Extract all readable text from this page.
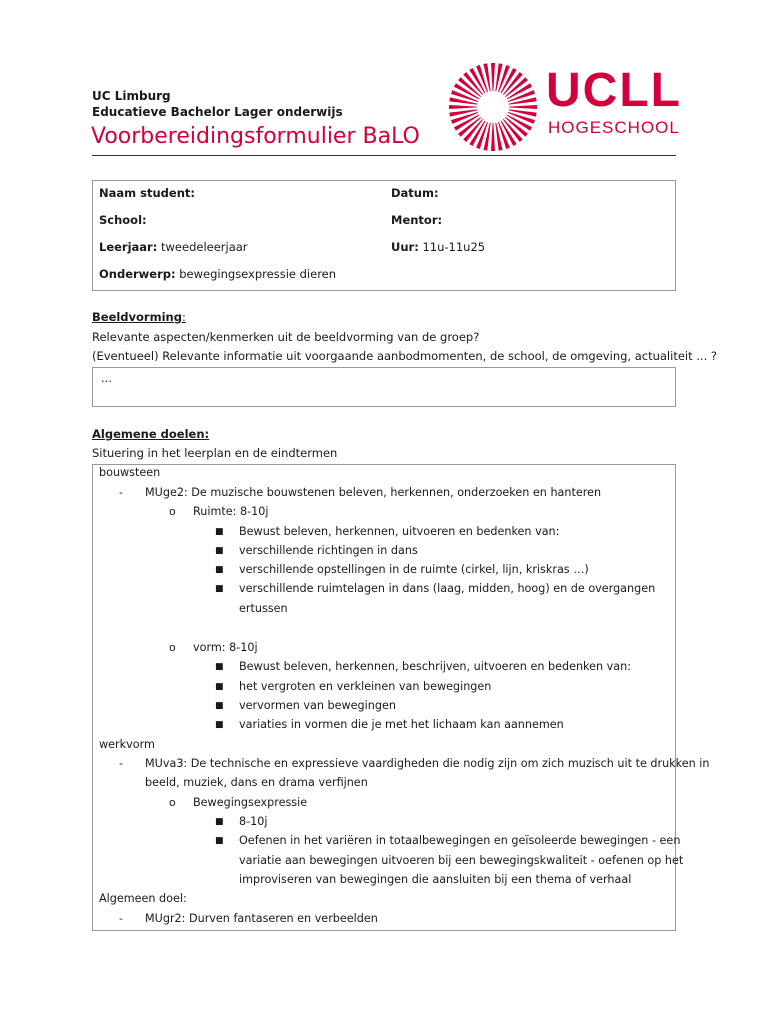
UC Limburg
Educatieve Bachelor Lager onderwijs
Voorbereidingsformulier BaLO
UCLL
HOGESCHOOL
Naam student:	Datum:
School:	Mentor:
Leerjaar: tweedeleerjaar	Uur: 11u-11u25
Onderwerp: bewegingsexpressie dieren
Beeldvorming:
Relevante aspecten/kenmerken uit de beeldvorming van de groep?
(Eventueel) Relevante informatie uit voorgaande aanbodmomenten, de school, de omgeving, actualiteit ... ?
...
Algemene doelen:
Situering in het leerplan en de eindtermen
bouwsteen
- MUge2: De muzische bouwstenen beleven, herkennen, onderzoeken en hanteren
o Ruimte: 8-10j
■ Bewust beleven, herkennen, uitvoeren en bedenken van:
■ verschillende richtingen in dans
■ verschillende opstellingen in de ruimte (cirkel, lijn, kriskras …)
■ verschillende ruimtelagen in dans (laag, midden, hoog) en de overgangen
ertussen
o vorm: 8-10j
■ Bewust beleven, herkennen, beschrijven, uitvoeren en bedenken van:
■ het vergroten en verkleinen van bewegingen
■ vervormen van bewegingen
■ variaties in vormen die je met het lichaam kan aannemen
werkvorm
- MUva3: De technische en expressieve vaardigheden die nodig zijn om zich muzisch uit te drukken in
beeld, muziek, dans en drama verfijnen
o Bewegingsexpressie
■ 8-10j
■ Oefenen in het variëren in totaalbewegingen en geïsoleerde bewegingen - een
variatie aan bewegingen uitvoeren bij een bewegingskwaliteit - oefenen op het
improviseren van bewegingen die aansluiten bij een thema of verhaal
Algemeen doel:
- MUgr2: Durven fantaseren en verbeelden
